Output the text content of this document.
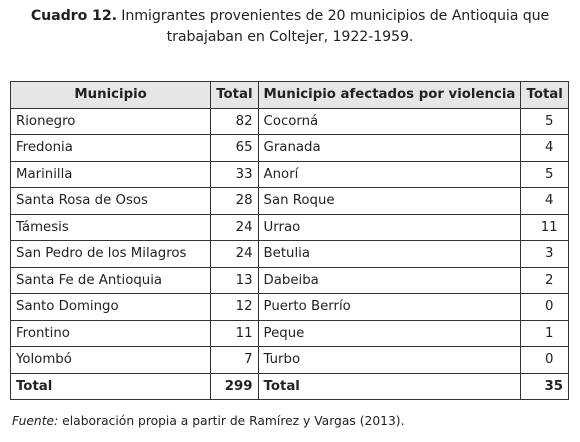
Cuadro 12. Inmigrantes provenientes de 20 municipios de Antioquia que
trabajaban en Coltejer, 1922-1959.
Municipio	Total	Municipio afectados por violencia	Total
Rionegro	82	Cocorná	5
Fredonia	65	Granada	4
Marinilla	33	Anorí	5
Santa Rosa de Osos	28	San Roque	4
Támesis	24	Urrao	11
San Pedro de los Milagros	24	Betulia	3
Santa Fe de Antioquia	13	Dabeiba	2
Santo Domingo	12	Puerto Berrío	0
Frontino	11	Peque	1
Yolombó	7	Turbo	0
Total	299	Total	35
Fuente: elaboración propia a partir de Ramírez y Vargas (2013).
